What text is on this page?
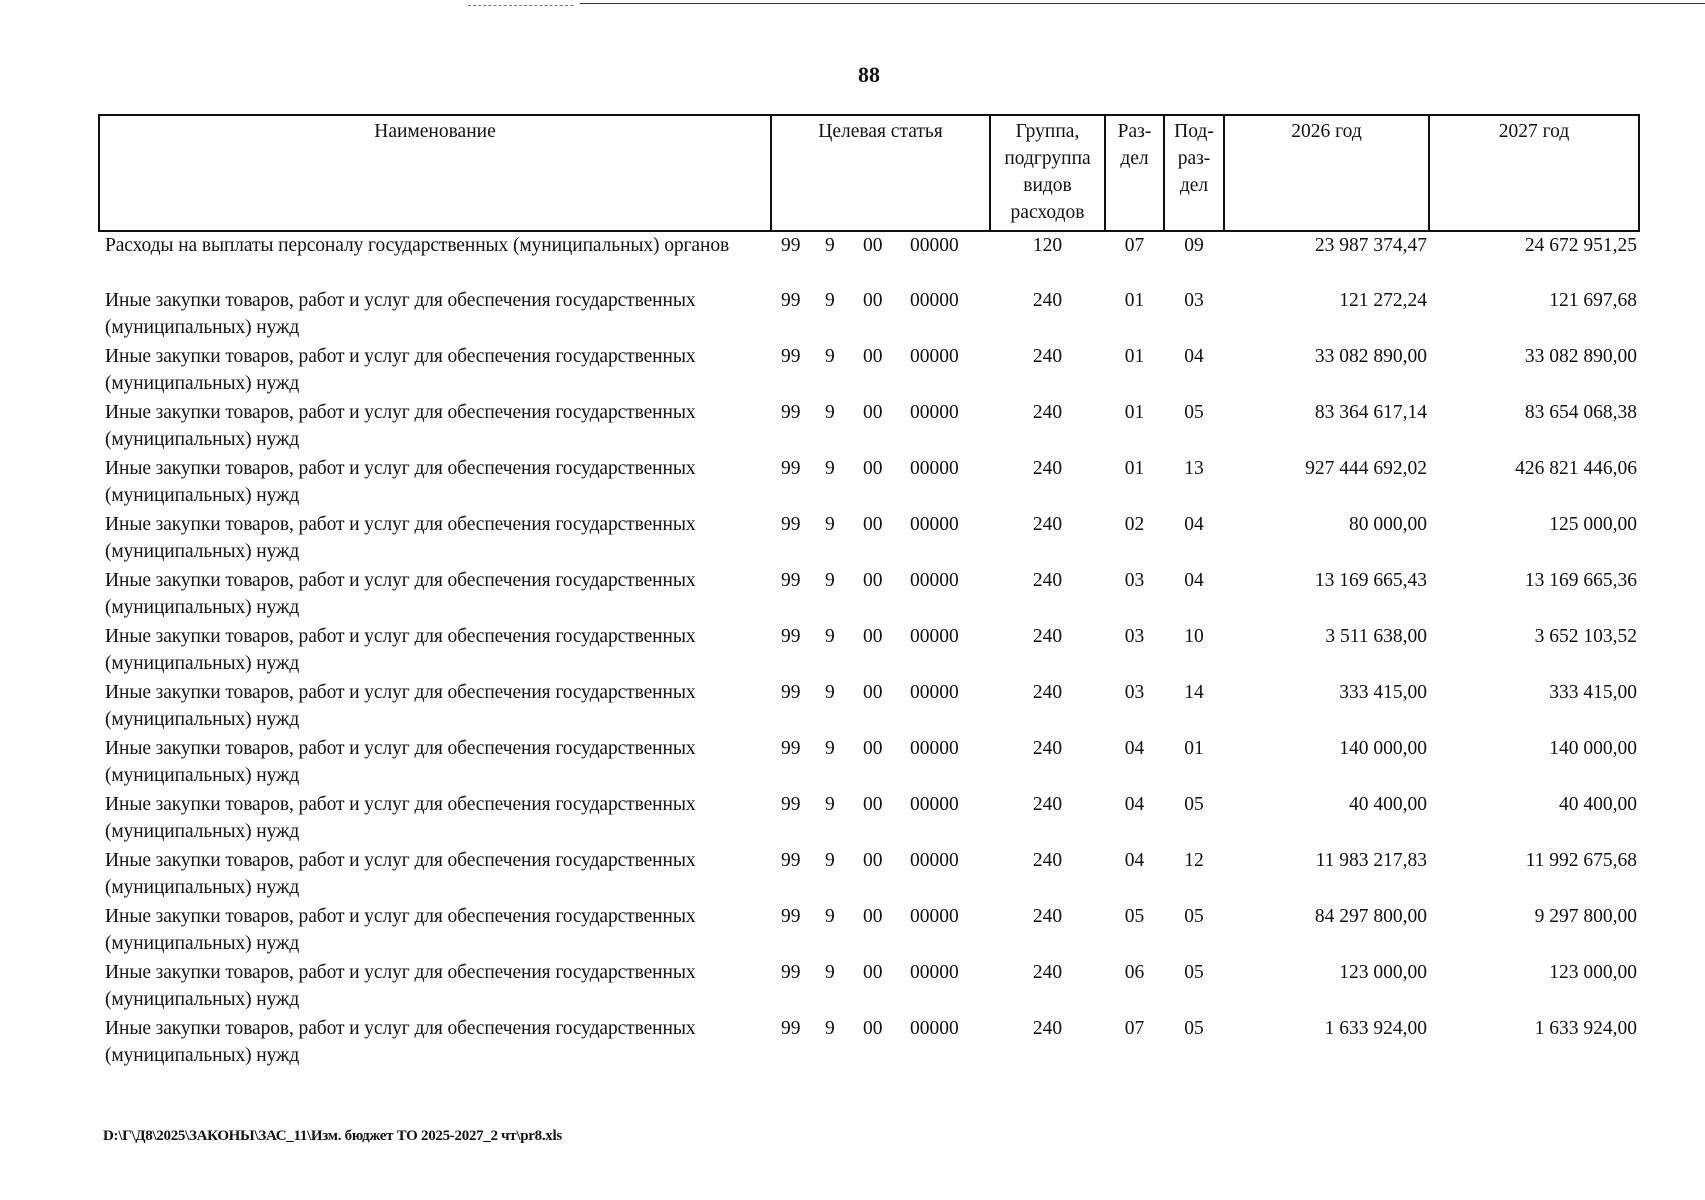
88
Наименование	Целевая статья				Группа, подгруппа видов расходов	Раз-дел	Под-раз-дел	2026 год	2027 год
Расходы на выплаты персоналу государственных (муниципальных) органов	99	9	00	00000	120	07	09	23 987 374,47	24 672 951,25
Иные закупки товаров, работ и услуг для обеспечения государственных (муниципальных) нужд	99	9	00	00000	240	01	03	121 272,24	121 697,68
Иные закупки товаров, работ и услуг для обеспечения государственных (муниципальных) нужд	99	9	00	00000	240	01	04	33 082 890,00	33 082 890,00
Иные закупки товаров, работ и услуг для обеспечения государственных (муниципальных) нужд	99	9	00	00000	240	01	05	83 364 617,14	83 654 068,38
Иные закупки товаров, работ и услуг для обеспечения государственных (муниципальных) нужд	99	9	00	00000	240	01	13	927 444 692,02	426 821 446,06
Иные закупки товаров, работ и услуг для обеспечения государственных (муниципальных) нужд	99	9	00	00000	240	02	04	80 000,00	125 000,00
Иные закупки товаров, работ и услуг для обеспечения государственных (муниципальных) нужд	99	9	00	00000	240	03	04	13 169 665,43	13 169 665,36
Иные закупки товаров, работ и услуг для обеспечения государственных (муниципальных) нужд	99	9	00	00000	240	03	10	3 511 638,00	3 652 103,52
Иные закупки товаров, работ и услуг для обеспечения государственных (муниципальных) нужд	99	9	00	00000	240	03	14	333 415,00	333 415,00
Иные закупки товаров, работ и услуг для обеспечения государственных (муниципальных) нужд	99	9	00	00000	240	04	01	140 000,00	140 000,00
Иные закупки товаров, работ и услуг для обеспечения государственных (муниципальных) нужд	99	9	00	00000	240	04	05	40 400,00	40 400,00
Иные закупки товаров, работ и услуг для обеспечения государственных (муниципальных) нужд	99	9	00	00000	240	04	12	11 983 217,83	11 992 675,68
Иные закупки товаров, работ и услуг для обеспечения государственных (муниципальных) нужд	99	9	00	00000	240	05	05	84 297 800,00	9 297 800,00
Иные закупки товаров, работ и услуг для обеспечения государственных (муниципальных) нужд	99	9	00	00000	240	06	05	123 000,00	123 000,00
Иные закупки товаров, работ и услуг для обеспечения государственных (муниципальных) нужд	99	9	00	00000	240	07	05	1 633 924,00	1 633 924,00
D:\Г\Д8\2025\ЗАКОНЫ\ЗАС_11\Изм. бюджет ТО 2025-2027_2 чт\pr8.xls
